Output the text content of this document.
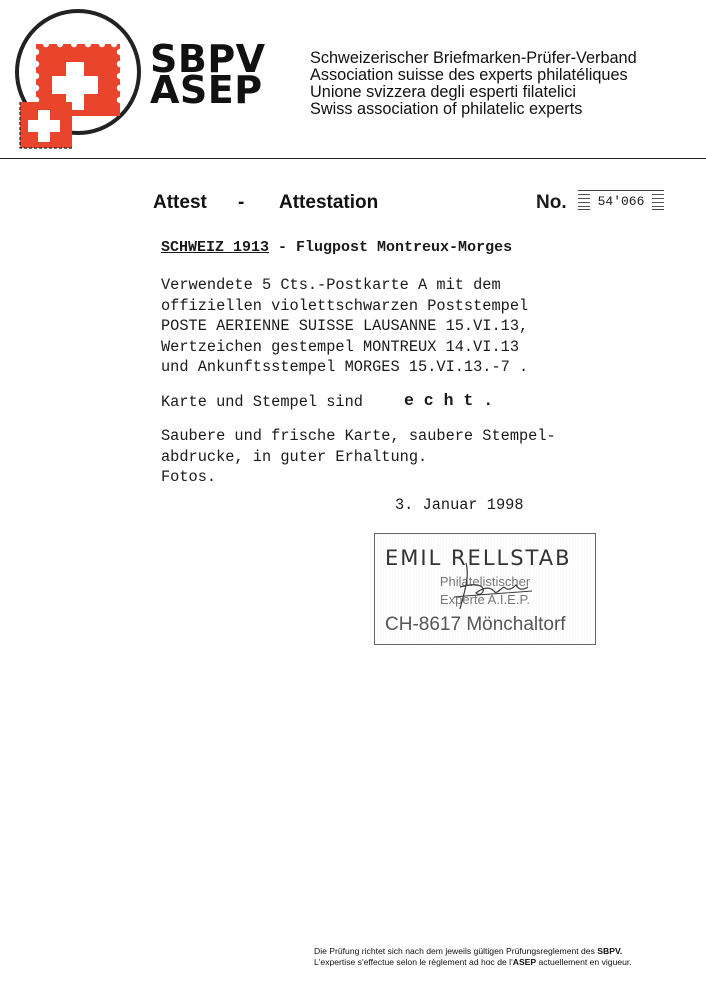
SBPV
ASEP
Schweizerischer Briefmarken-Prüfer-Verband
Association suisse des experts philatéliques
Unione svizzera degli esperti filatelici
Swiss association of philatelic experts
Attest - Attestation	No.	54'066
SCHWEIZ 1913 - Flugpost Montreux-Morges
Verwendete 5 Cts.-Postkarte A mit dem
offiziellen violettschwarzen Poststempel
POSTE AERIENNE SUISSE LAUSANNE 15.VI.13,
Wertzeichen gestempel MONTREUX 14.VI.13
und Ankunftsstempel MORGES 15.VI.13.-7 .
Karte und Stempel sind e c h t .
Saubere und frische Karte, saubere Stempel-
abdrucke, in guter Erhaltung.
Fotos.
3. Januar 1998
EMIL RELLSTAB
Philatelistischer
Experte A.I.E.P.
CH-8617 Mönchaltorf
Die Prüfung richtet sich nach dem jeweils gültigen Prüfungsreglement des SBPV.
L'expertise s'effectue selon le règlement ad hoc de l'ASEP actuellement en vigueur.
